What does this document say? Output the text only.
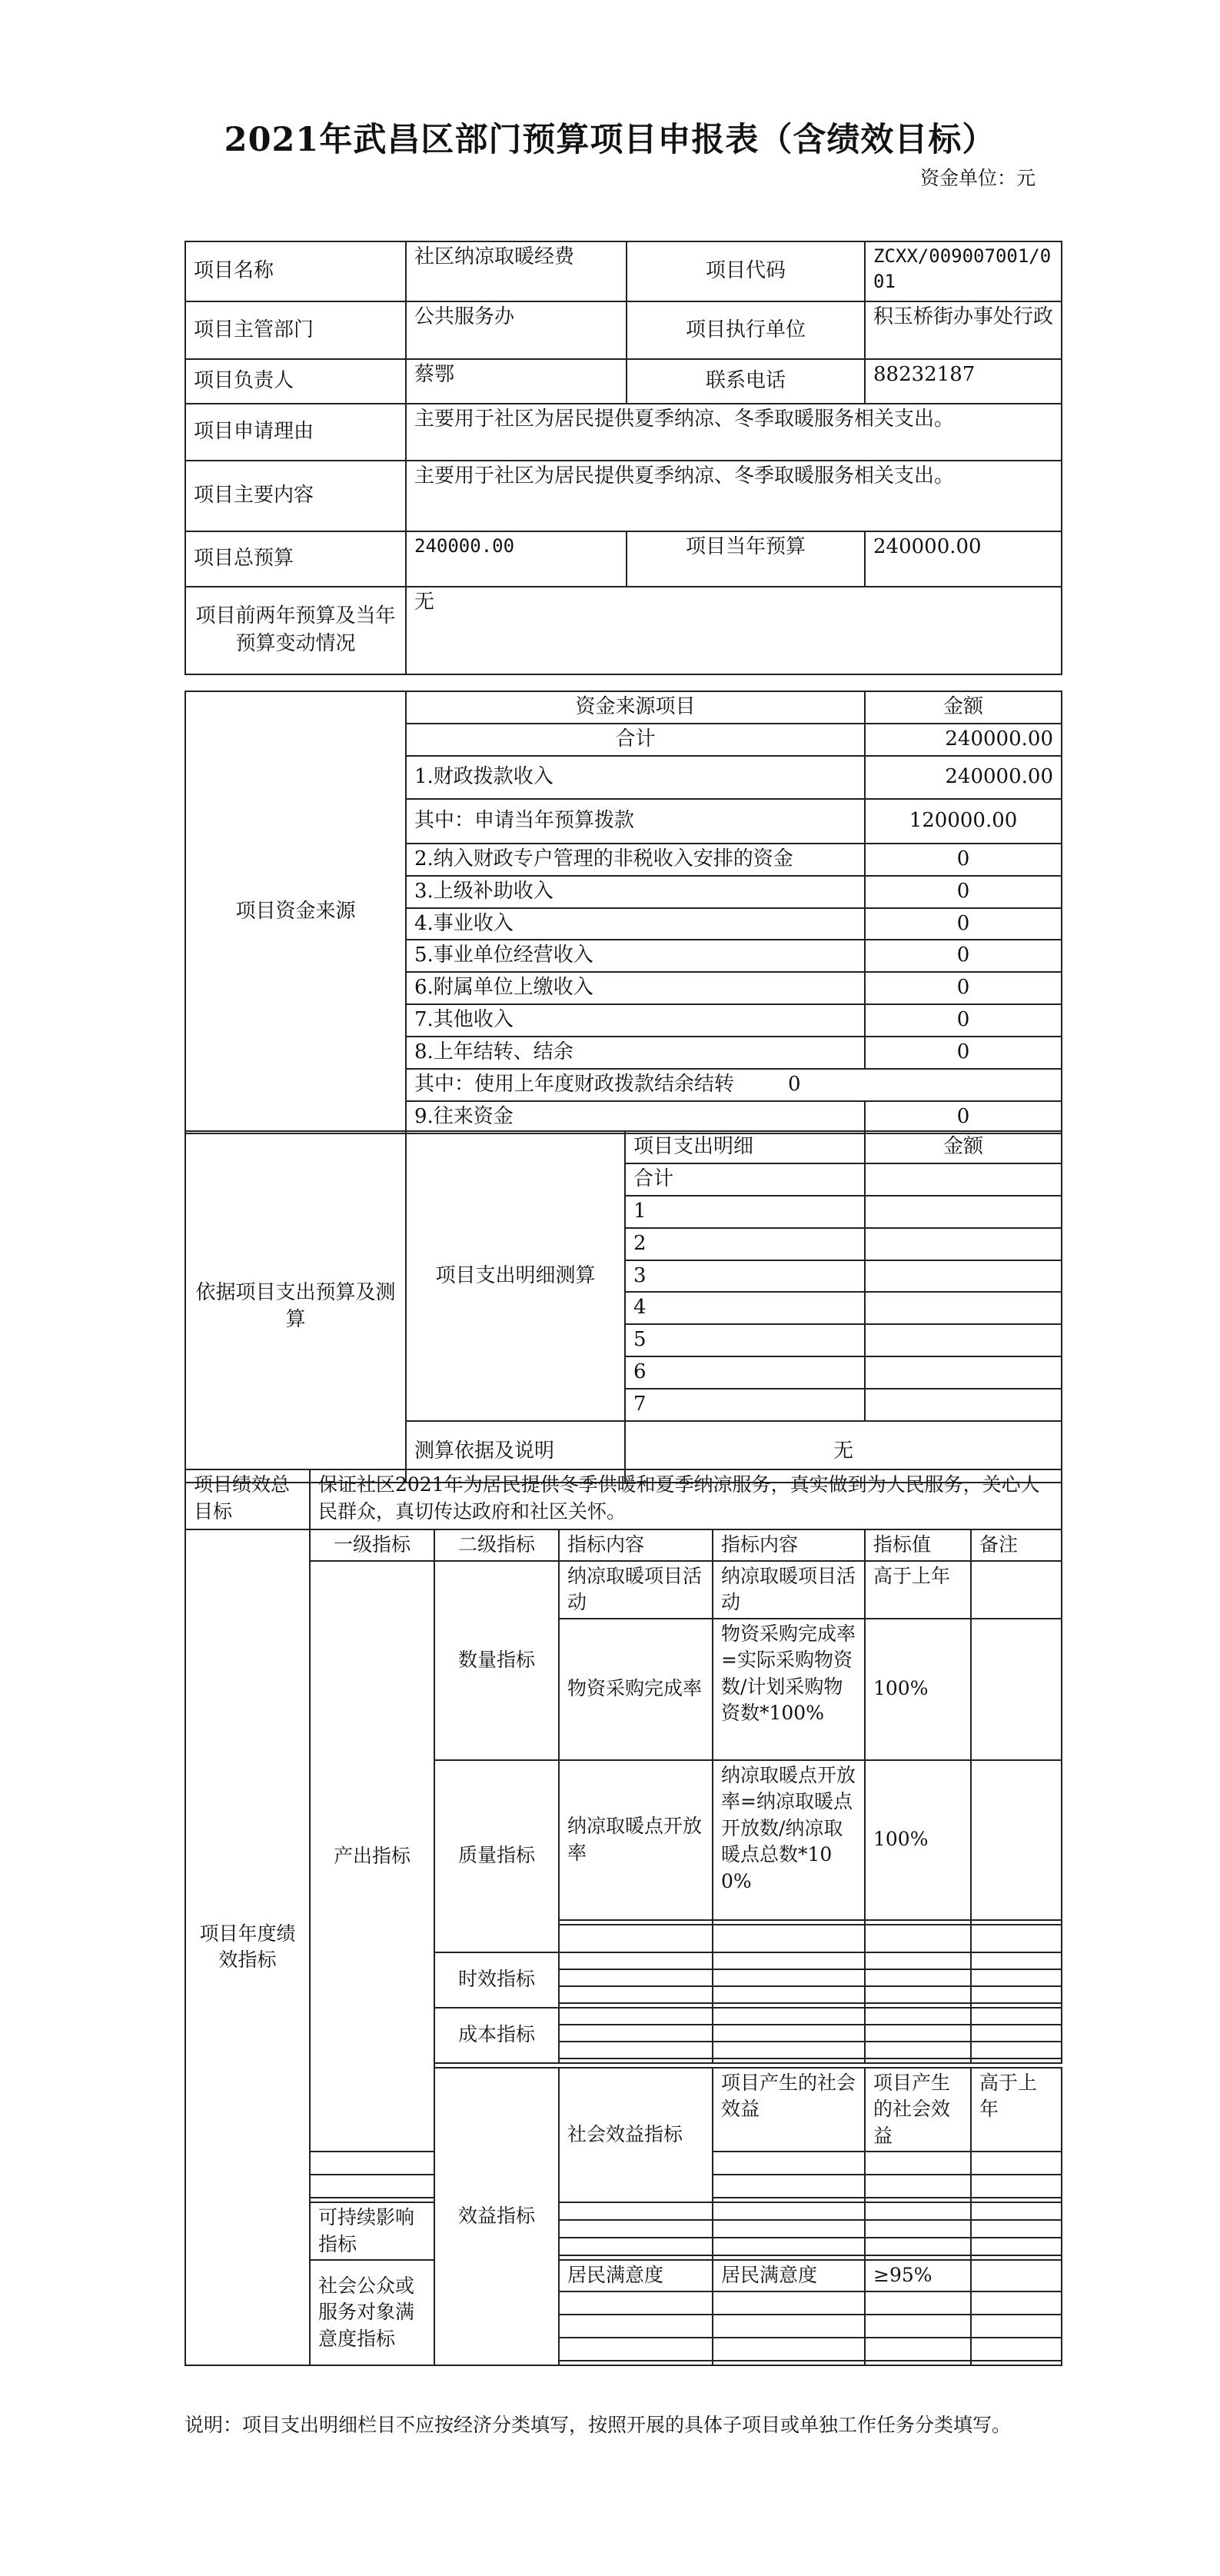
2021年武昌区部门预算项目申报表（含绩效目标）
资金单位：元
项目名称	社区纳凉取暖经费	项目代码	ZCXX/009007001/001
项目主管部门	公共服务办	项目执行单位	积玉桥街办事处行政
项目负责人	蔡鄂	联系电话	88232187
项目申请理由	主要用于社区为居民提供夏季纳凉、冬季取暖服务相关支出。		
项目主要内容	主要用于社区为居民提供夏季纳凉、冬季取暖服务相关支出。		
项目总预算	240000.00	项目当年预算	240000.00
项目前两年预算及当年预算变动情况	无		
项目资金来源	资金来源项目	金额
	合计	240000.00
	1.财政拨款收入	240000.00
	其中：申请当年预算拨款	120000.00
	2.纳入财政专户管理的非税收入安排的资金	0
	3.上级补助收入	0
	4.事业收入	0
	5.事业单位经营收入	0
	6.附属单位上缴收入	0
	7.其他收入	0
	8.上年结转、结余	0
	其中：使用上年度财政拨款结余结转 0	
	9.往来资金	0
依据项目支出预算及测算	项目支出明细测算	项目支出明细	金额
		合计	
		1	
		2	
		3	
		4	
		5	
		6	
		7	
	测算依据及说明	无	
项目绩效总目标	保证社区2021年为居民提供冬季供暖和夏季纳凉服务，真实做到为人民服务，关心人民群众，真切传达政府和社区关怀。						
项目年度绩效指标	一级指标	二级指标	指标内容	指标内容	指标值	备注	
	产出指标	数量指标	纳凉取暖项目活动	纳凉取暖项目活动	高于上年		
			物资采购完成率	物资采购完成率=实际采购物资数/计划采购物资数*100%	100%		
		质量指标	纳凉取暖点开放率	纳凉取暖点开放率=纳凉取暖点开放数/纳凉取暖点总数*100%	100%		

		时效指标					

		成本指标					

		效益指标	社会效益指标	项目产生的社会效益	项目产生的社会效益	高于上年	

	可持续影响指标						

	社会公众或服务对象满意度指标		居民满意度	居民满意度	≥95%		

说明：项目支出明细栏目不应按经济分类填写，按照开展的具体子项目或单独工作任务分类填写。
